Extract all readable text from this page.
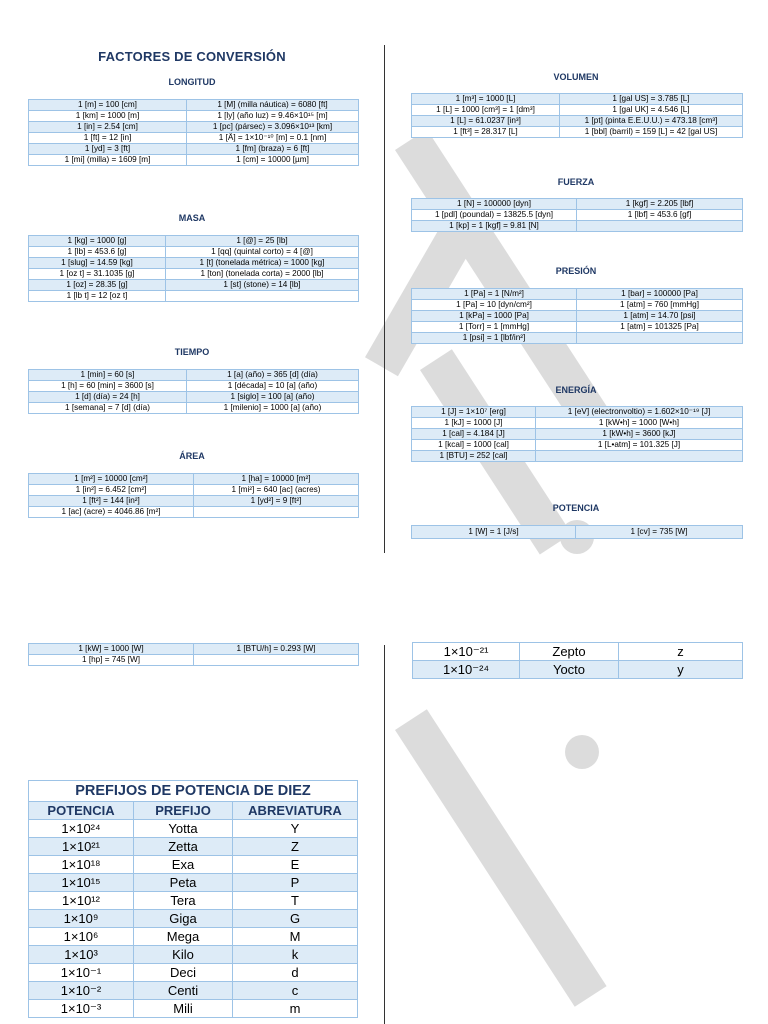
FACTORES DE CONVERSIÓN
LONGITUD
1 [m] = 100 [cm]	1 [M] (milla náutica) = 6080 [ft]
1 [km] = 1000 [m]	1 [ly] (año luz) = 9.46×10¹⁵ [m]
1 [in] = 2.54 [cm]	1 [pc] (pársec) = 3.096×10¹³ [km]
1 [ft] = 12 [in]	1 [Å] = 1×10⁻¹⁰ [m] = 0.1 [nm]
1 [yd] = 3 [ft]	1 [fm] (braza) = 6 [ft]
1 [mi] (milla) = 1609 [m]	1 [cm] = 10000 [µm]
MASA
1 [kg] = 1000 [g]	1 [@] = 25 [lb]
1 [lb] = 453.6 [g]	1 [qq] (quintal corto) = 4 [@]
1 [slug] = 14.59 [kg]	1 [t] (tonelada métrica) = 1000 [kg]
1 [oz t] = 31.1035 [g]	1 [ton] (tonelada corta) = 2000 [lb]
1 [oz] = 28.35 [g]	1 [st] (stone) = 14 [lb]
1 [lb t] = 12 [oz t]	
TIEMPO
1 [min] = 60 [s]	1 [a] (año) = 365 [d] (día)
1 [h] = 60 [min] = 3600 [s]	1 [década] = 10 [a] (año)
1 [d] (día) = 24 [h]	1 [siglo] = 100 [a] (año)
1 [semana] = 7 [d] (día)	1 [milenio] = 1000 [a] (año)
ÁREA
1 [m²] = 10000 [cm²]	1 [ha] = 10000 [m²]
1 [in²] = 6.452 [cm²]	1 [mi²] = 640 [ac] (acres)
1 [ft²] = 144 [in²]	1 [yd²] = 9 [ft²]
1 [ac] (acre) = 4046.86 [m²]	
VOLUMEN
1 [m³] = 1000 [L]	1 [gal US] = 3.785 [L]
1 [L] = 1000 [cm³] = 1 [dm³]	1 [gal UK] = 4.546 [L]
1 [L] = 61.0237 [in³]	1 [pt] (pinta E.E.U.U.) = 473.18 [cm³]
1 [ft³] = 28.317 [L]	1 [bbl] (barril) = 159 [L] = 42 [gal US]
FUERZA
1 [N] = 100000 [dyn]	1 [kgf] = 2.205 [lbf]
1 [pdl] (poundal) = 13825.5 [dyn]	1 [lbf] = 453.6 [gf]
1 [kp] = 1 [kgf] = 9.81 [N]	
PRESIÓN
1 [Pa] = 1 [N/m²]	1 [bar] = 100000 [Pa]
1 [Pa] = 10 [dyn/cm²]	1 [atm] = 760 [mmHg]
1 [kPa] = 1000 [Pa]	1 [atm] = 14.70 [psi]
1 [Torr] = 1 [mmHg]	1 [atm] = 101325 [Pa]
1 [psi] = 1 [lbf/in²]	
ENERGÍA
1 [J] = 1×10⁷ [erg]	1 [eV] (electronvoltio) = 1.602×10⁻¹⁹ [J]
1 [kJ] = 1000 [J]	1 [kW•h] = 1000 [W•h]
1 [cal] = 4.184 [J]	1 [kW•h] = 3600 [kJ]
1 [kcal] = 1000 [cal]	1 [L•atm] = 101.325 [J]
1 [BTU] = 252 [cal]	
POTENCIA
1 [W] = 1 [J/s]	1 [cv] = 735 [W]
1 [kW] = 1000 [W]	1 [BTU/h] = 0.293 [W]
1 [hp] = 745 [W]	
1×10⁻²¹	Zepto	z
1×10⁻²⁴	Yocto	y
PREFIJOS DE POTENCIA DE DIEZ		
POTENCIA	PREFIJO	ABREVIATURA
1×10²⁴	Yotta	Y
1×10²¹	Zetta	Z
1×10¹⁸	Exa	E
1×10¹⁵	Peta	P
1×10¹²	Tera	T
1×10⁹	Giga	G
1×10⁶	Mega	M
1×10³	Kilo	k
1×10⁻¹	Deci	d
1×10⁻²	Centi	c
1×10⁻³	Mili	m
